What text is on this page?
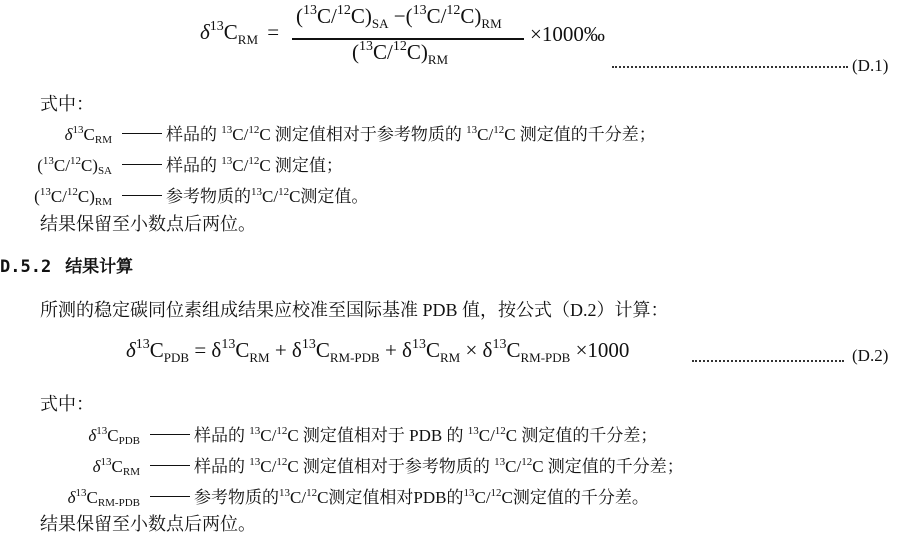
$\delta^{13}C_{RM}$ =
$(^{13}C/^{12}C)_{SA} -(^{13}C/^{12}C)_{RM}$
$(^{13}C/^{12}C)_{RM}$
×1000‰
(D.1)
式中：
$\delta^{13}C_{RM}$	样品的 $^{13}$C/$^{12}$C 测定值相对于参考物质的 $^{13}$C/$^{12}$C 测定值的千分差；
$(^{13}C/^{12}C)_{SA}$	样品的 $^{13}$C/$^{12}$C 测定值；
$(^{13}C/^{12}C)_{RM}$	参考物质的$^{13}$C/$^{12}$C测定值。
结果保留至小数点后两位。
D.5.2 结果计算
所测的稳定碳同位素组成结果应校准至国际基准 PDB 值，按公式（D.2）计算：
$\delta^{13}C_{PDB} = \delta^{13}C_{RM} + \delta^{13}C_{RM-PDB} + \delta^{13}C_{RM} \times \delta^{13}C_{RM-PDB} \times 1000$	(D.2)
式中：
$\delta^{13}C_{PDB}$	样品的 $^{13}$C/$^{12}$C 测定值相对于 PDB 的 $^{13}$C/$^{12}$C 测定值的千分差；
$\delta^{13}C_{RM}$	样品的 $^{13}$C/$^{12}$C 测定值相对于参考物质的 $^{13}$C/$^{12}$C 测定值的千分差；
$\delta^{13}C_{RM-PDB}$	参考物质的$^{13}$C/$^{12}$C测定值相对PDB的$^{13}$C/$^{12}$C测定值的千分差。
结果保留至小数点后两位。
